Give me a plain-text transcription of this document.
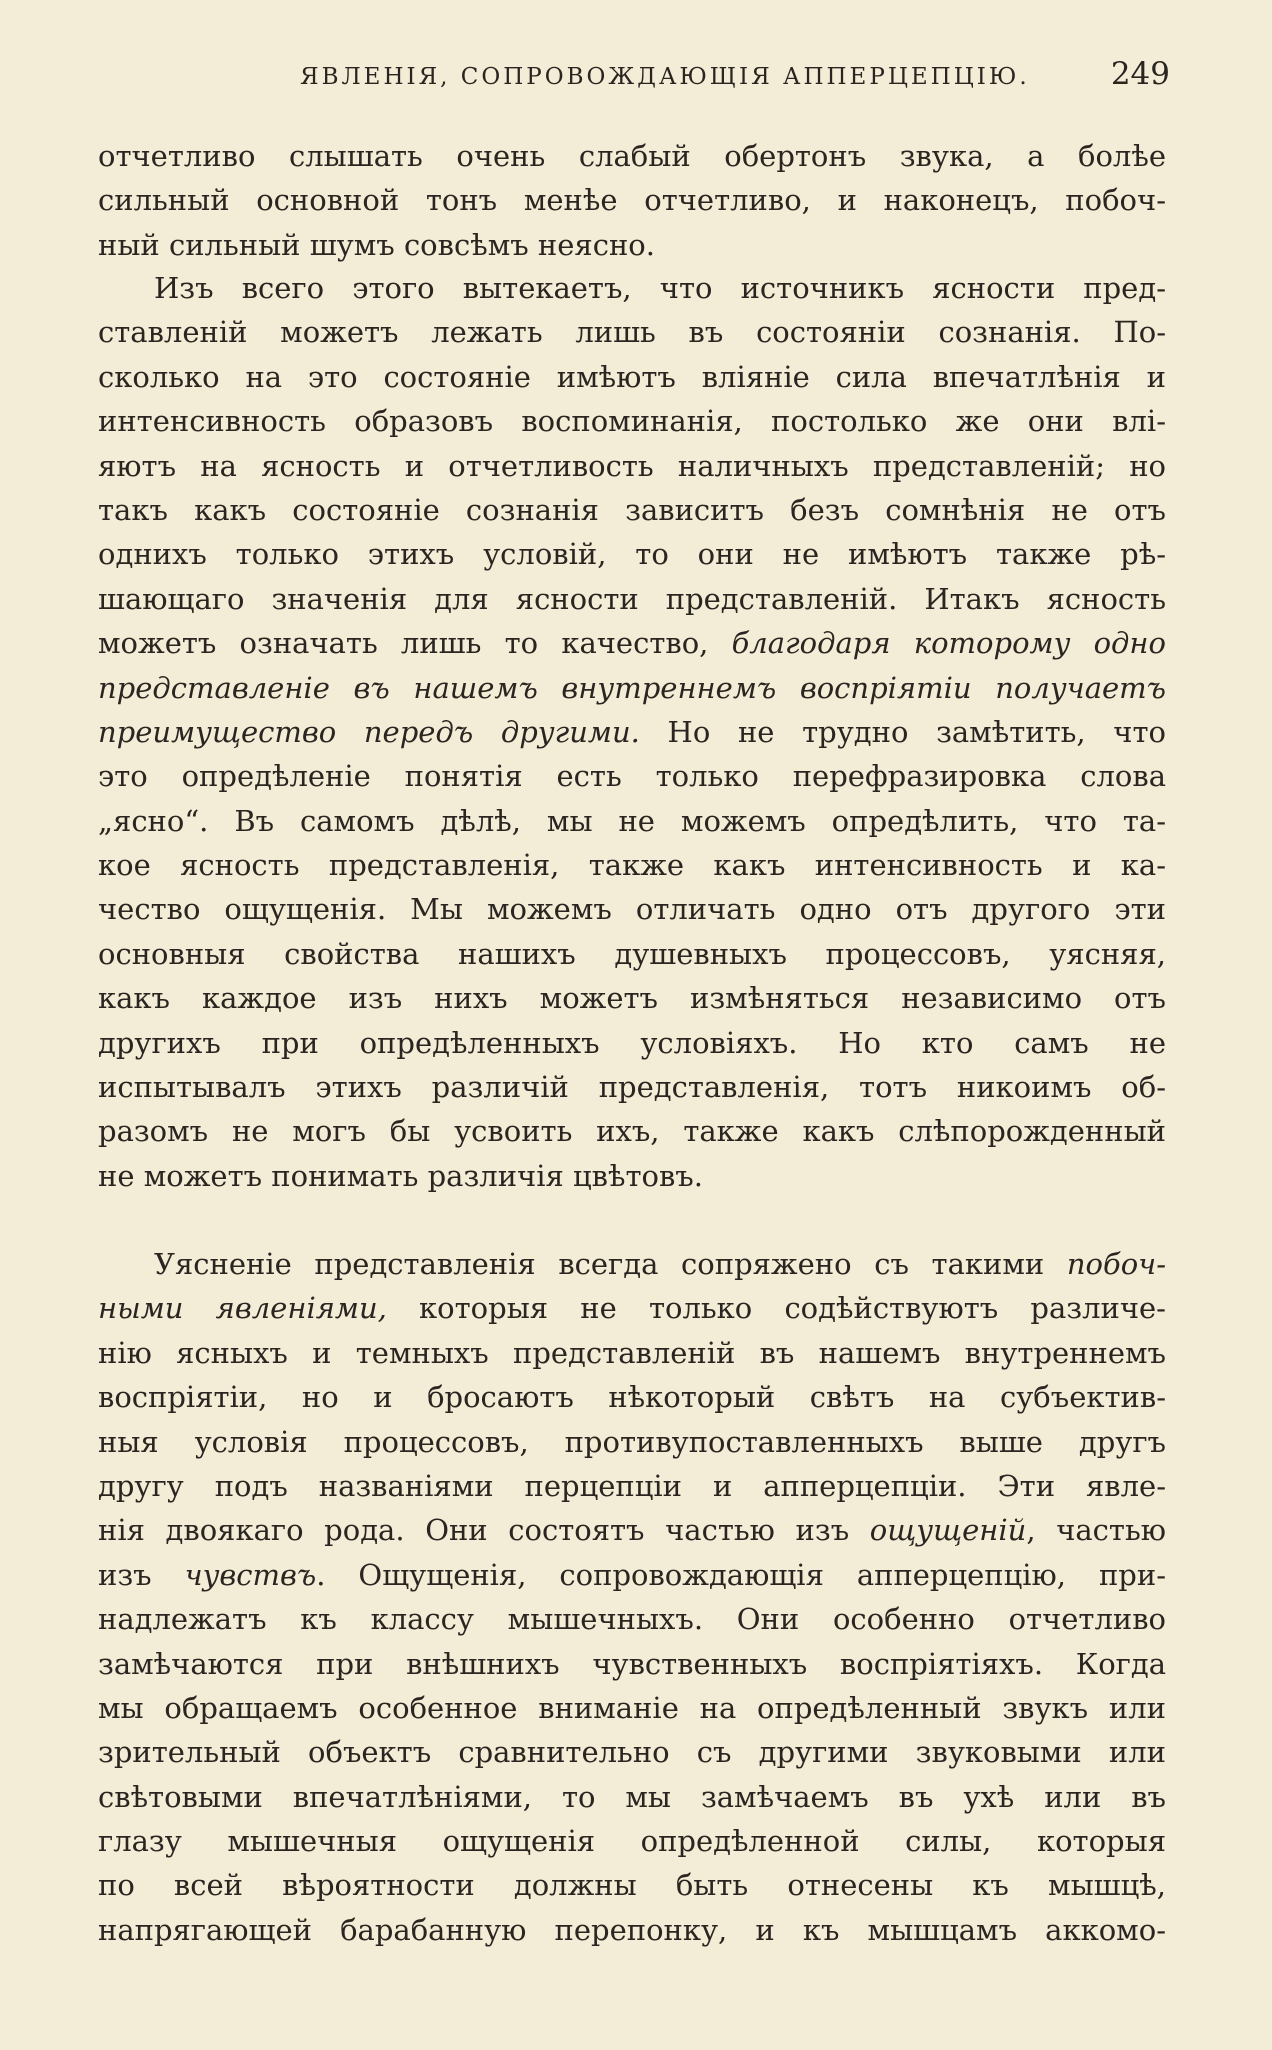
ЯВЛЕНІЯ, СОПРОВОЖДАЮЩІЯ АППЕРЦЕПЦІЮ.	249
отчетливо слышать очень слабый обертонъ звука, а болѣе
сильный основной тонъ менѣе отчетливо, и наконецъ, побоч-
ный сильный шумъ совсѣмъ неясно.
Изъ всего этого вытекаетъ, что источникъ ясности пред-
ставленій можетъ лежать лишь въ состояніи сознанія. По-
сколько на это состояніе имѣютъ вліяніе сила впечатлѣнія и
интенсивность образовъ воспоминанія, постолько же они влі-
яютъ на ясность и отчетливость наличныхъ представленій; но
такъ какъ состояніе сознанія зависитъ безъ сомнѣнія не отъ
однихъ только этихъ условій, то они не имѣютъ также рѣ-
шающаго значенія для ясности представленій. Итакъ ясность
можетъ означать лишь то качество, благодаря которому одно
представленіе въ нашемъ внутреннемъ воспріятіи получаетъ
преимущество передъ другими. Но не трудно замѣтить, что
это опредѣленіе понятія есть только перефразировка слова
„ясно“. Въ самомъ дѣлѣ, мы не можемъ опредѣлить, что та-
кое ясность представленія, также какъ интенсивность и ка-
чество ощущенія. Мы можемъ отличать одно отъ другого эти
основныя свойства нашихъ душевныхъ процессовъ, уясняя,
какъ каждое изъ нихъ можетъ измѣняться независимо отъ
другихъ при опредѣленныхъ условіяхъ. Но кто самъ не
испытывалъ этихъ различій представленія, тотъ никоимъ об-
разомъ не могъ бы усвоить ихъ, также какъ слѣпорожденный
не можетъ понимать различія цвѣтовъ.
Уясненіе представленія всегда сопряжено съ такими побоч-
ными явленіями, которыя не только содѣйствуютъ различе-
нію ясныхъ и темныхъ представленій въ нашемъ внутреннемъ
воспріятіи, но и бросаютъ нѣкоторый свѣтъ на субъектив-
ныя условія процессовъ, противупоставленныхъ выше другъ
другу подъ названіями перцепціи и апперцепціи. Эти явле-
нія двоякаго рода. Они состоятъ частью изъ ощущеній, частью
изъ чувствъ. Ощущенія, сопровождающія апперцепцію, при-
надлежатъ къ классу мышечныхъ. Они особенно отчетливо
замѣчаются при внѣшнихъ чувственныхъ воспріятіяхъ. Когда
мы обращаемъ особенное вниманіе на опредѣленный звукъ или
зрительный объектъ сравнительно съ другими звуковыми или
свѣтовыми впечатлѣніями, то мы замѣчаемъ въ ухѣ или въ
глазу мышечныя ощущенія опредѣленной силы, которыя
по всей вѣроятности должны быть отнесены къ мышцѣ,
напрягающей барабанную перепонку, и къ мышцамъ аккомо-
